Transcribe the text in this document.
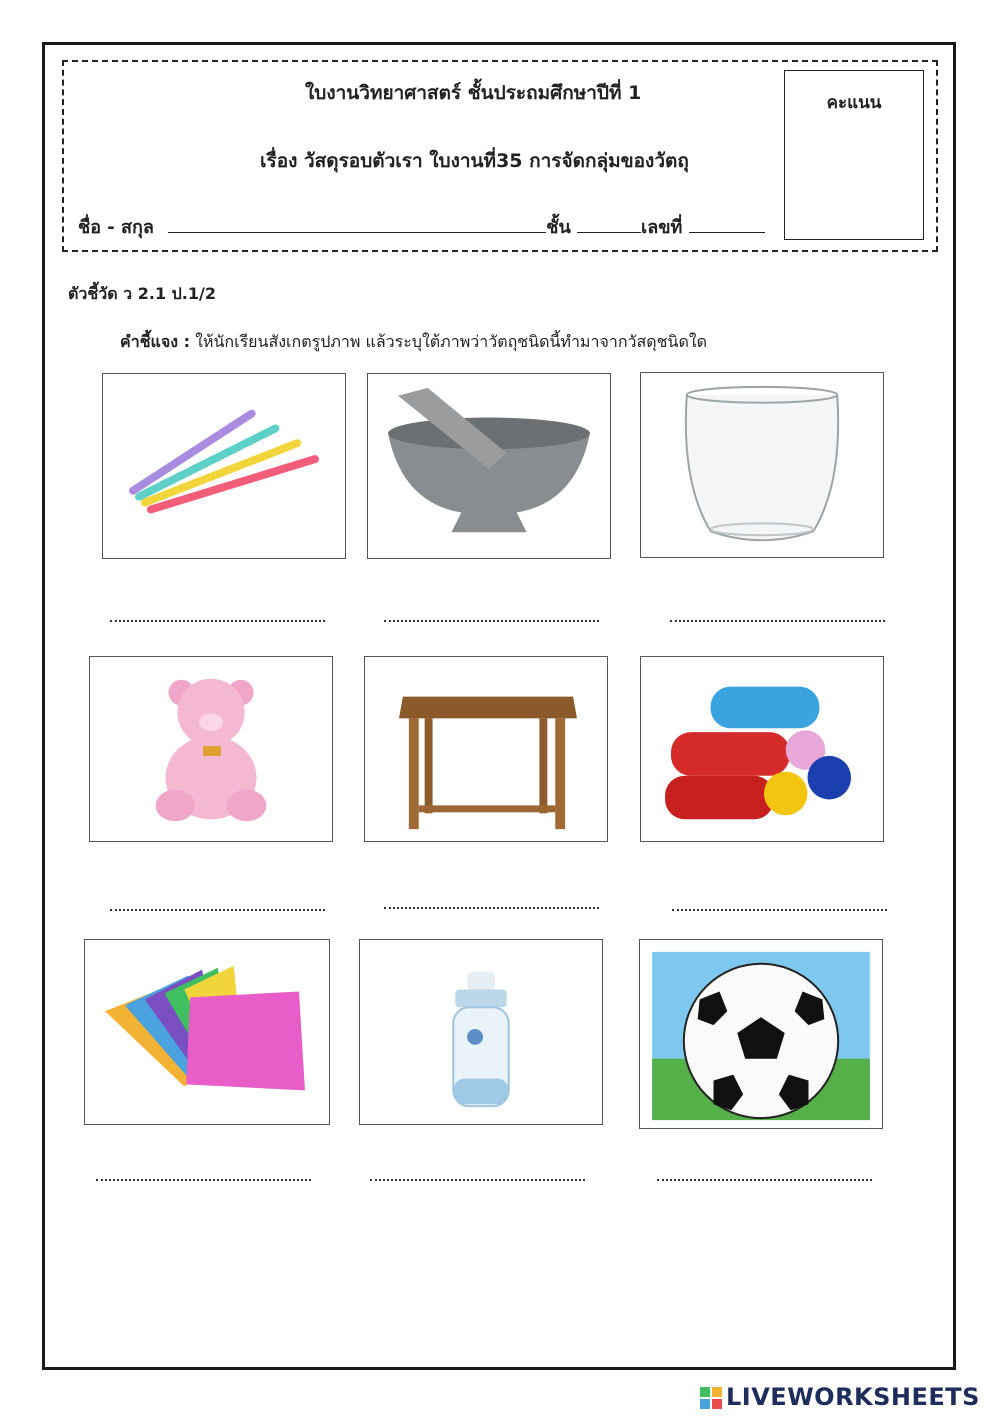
ใบงานวิทยาศาสตร์ ชั้นประถมศึกษาปีที่ 1
เรื่อง วัสดุรอบตัวเรา ใบงานที่35 การจัดกลุ่มของวัตถุ
ชื่อ - สกุล	ชั้น	เลขที่
คะแนน
ตัวชี้วัด ว 2.1 ป.1/2
คำชี้แจง : ให้นักเรียนสังเกตรูปภาพ แล้วระบุใต้ภาพว่าวัตถุชนิดนี้ทำมาจากวัสดุชนิดใด
LIVEWORKSHEETS
